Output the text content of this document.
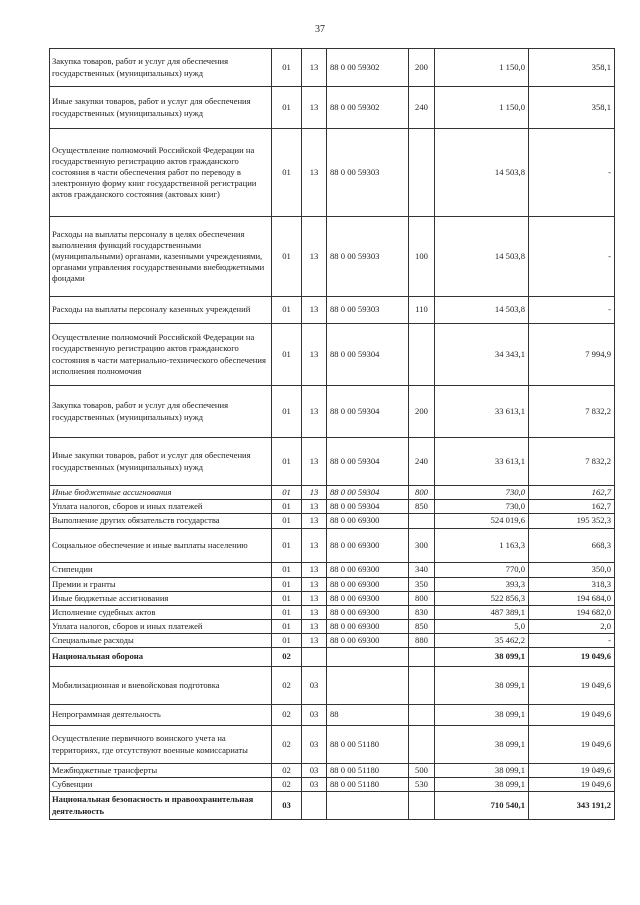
37
Закупка товаров, работ и услуг для обеспечения государственных (муниципальных) нужд	01	13	88 0 00 59302	200	1 150,0	358,1
Иные закупки товаров, работ и услуг для обеспечения государственных (муниципальных) нужд	01	13	88 0 00 59302	240	1 150,0	358,1
Осуществление полномочий Российской Федерации на государственную регистрацию актов гражданского состояния в части обеспечения работ по переводу в электронную форму книг государственной регистрации актов гражданского состояния (актовых книг)	01	13	88 0 00 59303		14 503,8	-
Расходы на выплаты персоналу в целях обеспечения выполнения функций государственными (муниципальными) органами, казенными учреждениями, органами управления государственными внебюджетными фондами	01	13	88 0 00 59303	100	14 503,8	-
Расходы на выплаты персоналу казенных учреждений	01	13	88 0 00 59303	110	14 503,8	-
Осуществление полномочий Российской Федерации на государственную регистрацию актов гражданского состояния в части материально-технического обеспечения исполнения полномочия	01	13	88 0 00 59304		34 343,1	7 994,9
Закупка товаров, работ и услуг для обеспечения государственных (муниципальных) нужд	01	13	88 0 00 59304	200	33 613,1	7 832,2
Иные закупки товаров, работ и услуг для обеспечения государственных (муниципальных) нужд	01	13	88 0 00 59304	240	33 613,1	7 832,2
Иные бюджетные ассигнования	01	13	88 0 00 59304	800	730,0	162,7
Уплата налогов, сборов и иных платежей	01	13	88 0 00 59304	850	730,0	162,7
Выполнение других обязательств государства	01	13	88 0 00 69300		524 019,6	195 352,3
Социальное обеспечение и иные выплаты населению	01	13	88 0 00 69300	300	1 163,3	668,3
Стипендии	01	13	88 0 00 69300	340	770,0	350,0
Премии и гранты	01	13	88 0 00 69300	350	393,3	318,3
Иные бюджетные ассигнования	01	13	88 0 00 69300	800	522 856,3	194 684,0
Исполнение судебных актов	01	13	88 0 00 69300	830	487 389,1	194 682,0
Уплата налогов, сборов и иных платежей	01	13	88 0 00 69300	850	5,0	2,0
Специальные расходы	01	13	88 0 00 69300	880	35 462,2	-
Национальная оборона	02				38 099,1	19 049,6
Мобилизационная и вневойсковая подготовка	02	03			38 099,1	19 049,6
Непрограммная деятельность	02	03	88		38 099,1	19 049,6
Осуществление первичного воинского учета на территориях, где отсутствуют военные комиссариаты	02	03	88 0 00 51180		38 099,1	19 049,6
Межбюджетные трансферты	02	03	88 0 00 51180	500	38 099,1	19 049,6
Субвенции	02	03	88 0 00 51180	530	38 099,1	19 049,6
Национальная безопасность и правоохранительная деятельность	03				710 540,1	343 191,2
